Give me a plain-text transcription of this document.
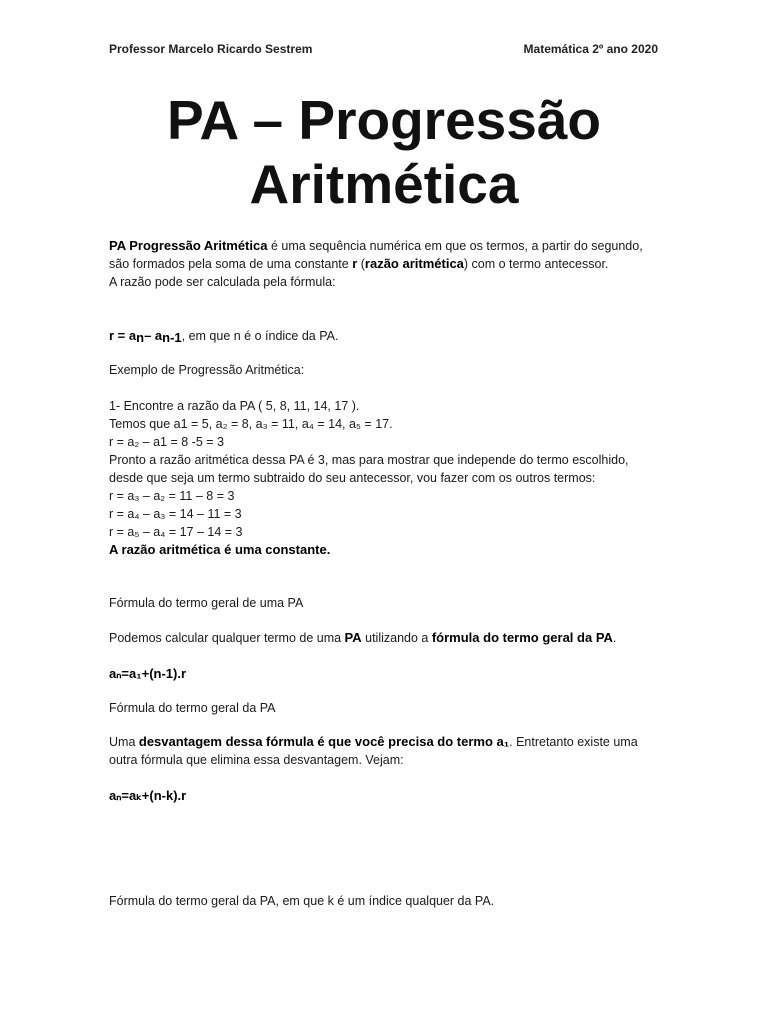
Professor Marcelo Ricardo Sestrem	Matemática 2º ano 2020
PA – Progressão
Aritmética

PA Progressão Aritmética é uma sequência numérica em que os termos, a partir do segundo, são formados pela soma de uma constante r (razão aritmética) com o termo antecessor.

A razão pode ser calculada pela fórmula:

$r = a_n-$ $a_{n-1}$, em que n é o índice da PA.
Exemplo de Progressão Aritmética:

1- Encontre a razão da PA ( 5, 8, 11, 14, 17 ).

Temos que a1 = 5, a₂ = 8, a₃ = 11, a₄ = 14, a₅ = 17.

r = a₂ – a1 = 8 -5 = 3

Pronto a razão aritmética dessa PA é 3, mas para mostrar que independe do termo escolhido, desde que seja um termo subtraido do seu antecessor, vou fazer com os outros termos:

r = a₃ – a₂ = 11 – 8 = 3

r = a₄ – a₃ = 14 – 11 = 3

r = a₅ – a₄ = 17 – 14 = 3

A razão aritmética é uma constante.

Fórmula do termo geral de uma PA
Podemos calcular qualquer termo de uma PA utilizando a fórmula do termo geral da PA.
aₙ=a₁+(n-1).r
Fórmula do termo geral da PA
Uma desvantagem dessa fórmula é que você precisa do termo a₁. Entretanto existe uma outra fórmula que elimina essa desvantagem. Vejam:
aₙ=aₖ+(n-k).r
Fórmula do termo geral da PA, em que k é um índice qualquer da PA.
